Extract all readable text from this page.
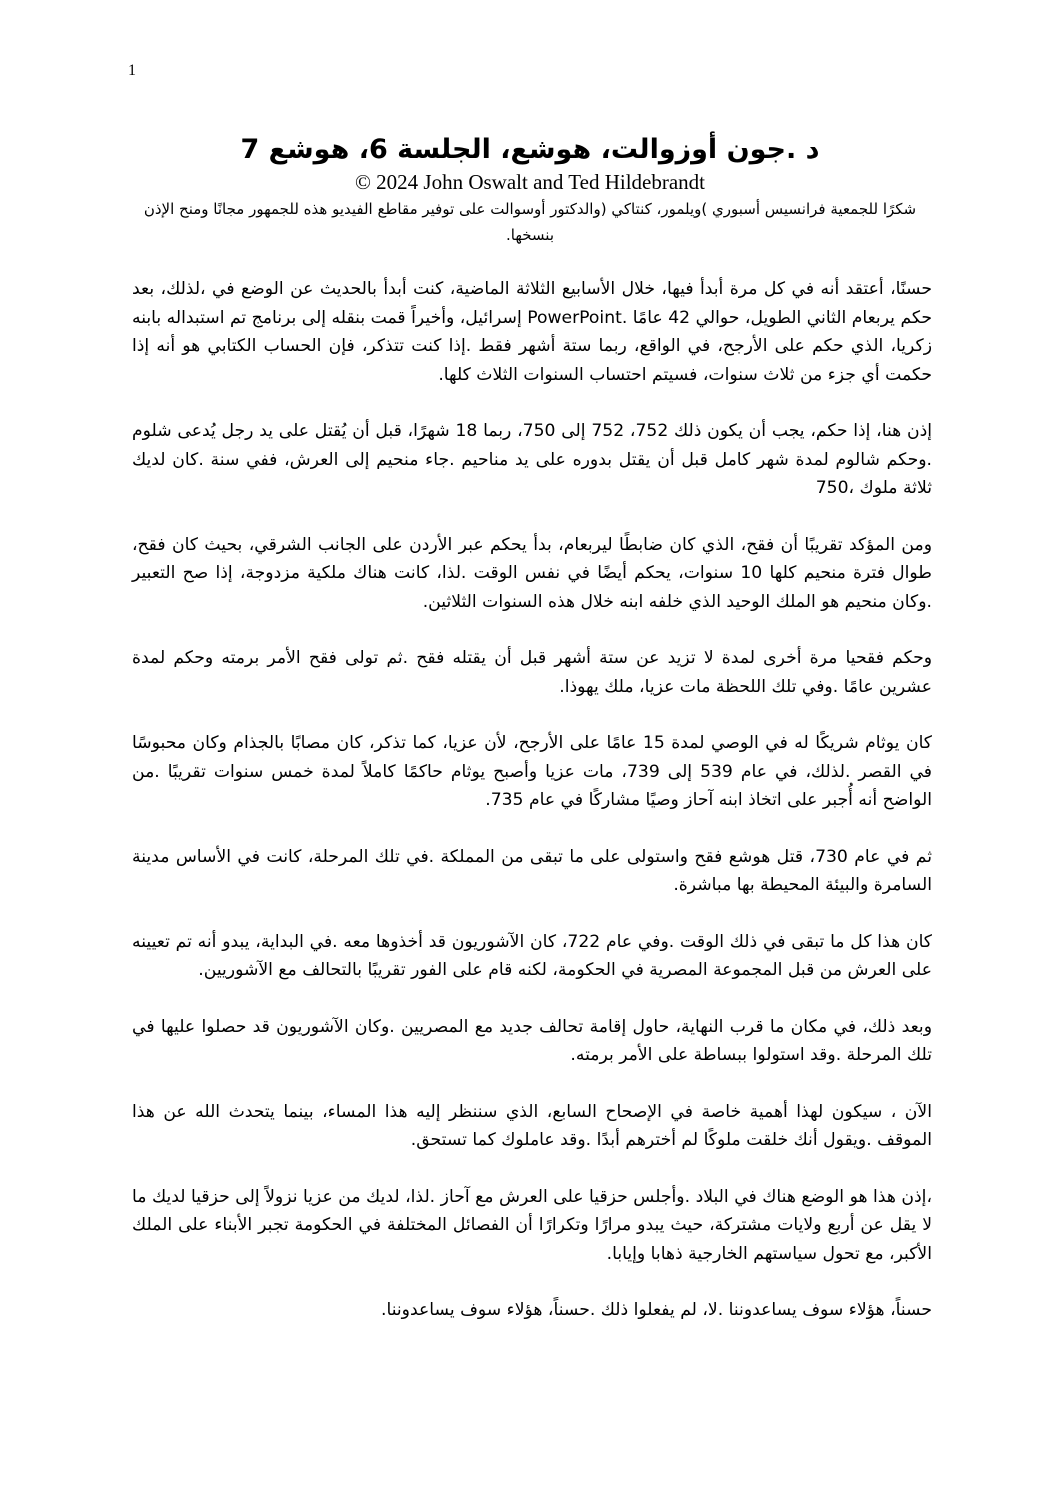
1
د .جون أوزوالت، هوشع، الجلسة 6، هوشع 7

© 2024 John Oswalt and Ted Hildebrandt

شكرًا للجمعية فرانسيس أسبوري )ويلمور، كنتاكي (والدكتور أوسوالت على توفير مقاطع الفيديو هذه للجمهور مجانًا ومنح الإذن بنسخها.

حسنًا، أعتقد أنه في كل مرة أبدأ فيها، خلال الأسابيع الثلاثة الماضية، كنت أبدأ بالحديث عن الوضع في ،لذلك، بعد حكم يربعام الثاني الطويل، حوالي 42 عامًا .PowerPoint إسرائيل، وأخيراً قمت بنقله إلى برنامج تم استبداله بابنه زكريا، الذي حكم على الأرجح، في الواقع، ربما ستة أشهر فقط .إذا كنت تتذكر، فإن الحساب الكتابي هو أنه إذا حكمت أي جزء من ثلاث سنوات، فسيتم احتساب السنوات الثلاث كلها.

إذن هنا، إذا حكم، يجب أن يكون ذلك 752، 752 إلى 750، ربما 18 شهرًا، قبل أن يُقتل على يد رجل يُدعى شلوم .وحكم شالوم لمدة شهر كامل قبل أن يقتل بدوره على يد مناحيم .جاء منحيم إلى العرش، ففي سنة .كان لديك ثلاثة ملوك ،750

ومن المؤكد تقريبًا أن فقح، الذي كان ضابطًا ليربعام، بدأ يحكم عبر الأردن على الجانب الشرقي، بحيث كان فقح، طوال فترة منحيم كلها 10 سنوات، يحكم أيضًا في نفس الوقت .لذا، كانت هناك ملكية مزدوجة، إذا صح التعبير .وكان منحيم هو الملك الوحيد الذي خلفه ابنه خلال هذه السنوات الثلاثين.

وحكم فقحيا مرة أخرى لمدة لا تزيد عن ستة أشهر قبل أن يقتله فقح .ثم تولى فقح الأمر برمته وحكم لمدة عشرين عامًا .وفي تلك اللحظة مات عزيا، ملك يهوذا.

كان يوثام شريكًا له في الوصي لمدة 15 عامًا على الأرجح، لأن عزيا، كما تذكر، كان مصابًا بالجذام وكان محبوسًا في القصر .لذلك، في عام 539 إلى 739، مات عزيا وأصبح يوثام حاكمًا كاملاً لمدة خمس سنوات تقريبًا .من الواضح أنه أُجبر على اتخاذ ابنه آحاز وصيًا مشاركًا في عام 735.

ثم في عام 730، قتل هوشع فقح واستولى على ما تبقى من المملكة .في تلك المرحلة، كانت في الأساس مدينة السامرة والبيئة المحيطة بها مباشرة.

كان هذا كل ما تبقى في ذلك الوقت .وفي عام 722، كان الآشوريون قد أخذوها معه .في البداية، يبدو أنه تم تعيينه على العرش من قبل المجموعة المصرية في الحكومة، لكنه قام على الفور تقريبًا بالتحالف مع الآشوريين.

وبعد ذلك، في مكان ما قرب النهاية، حاول إقامة تحالف جديد مع المصريين .وكان الآشوريون قد حصلوا عليها في تلك المرحلة .وقد استولوا ببساطة على الأمر برمته.

الآن ، سيكون لهذا أهمية خاصة في الإصحاح السابع، الذي سننظر إليه هذا المساء، بينما يتحدث الله عن هذا الموقف .ويقول أنك خلقت ملوكًا لم أخترهم أبدًا .وقد عاملوك كما تستحق.

،إذن هذا هو الوضع هناك في البلاد .وأجلس حزقيا على العرش مع آحاز .لذا، لديك من عزيا نزولاً إلى حزقيا لديك ما لا يقل عن أربع ولايات مشتركة، حيث يبدو مرارًا وتكرارًا أن الفصائل المختلفة في الحكومة تجبر الأبناء على الملك الأكبر، مع تحول سياستهم الخارجية ذهابا وإيابا.

حسناً، هؤلاء سوف يساعدوننا .لا، لم يفعلوا ذلك .حسناً، هؤلاء سوف يساعدوننا.
